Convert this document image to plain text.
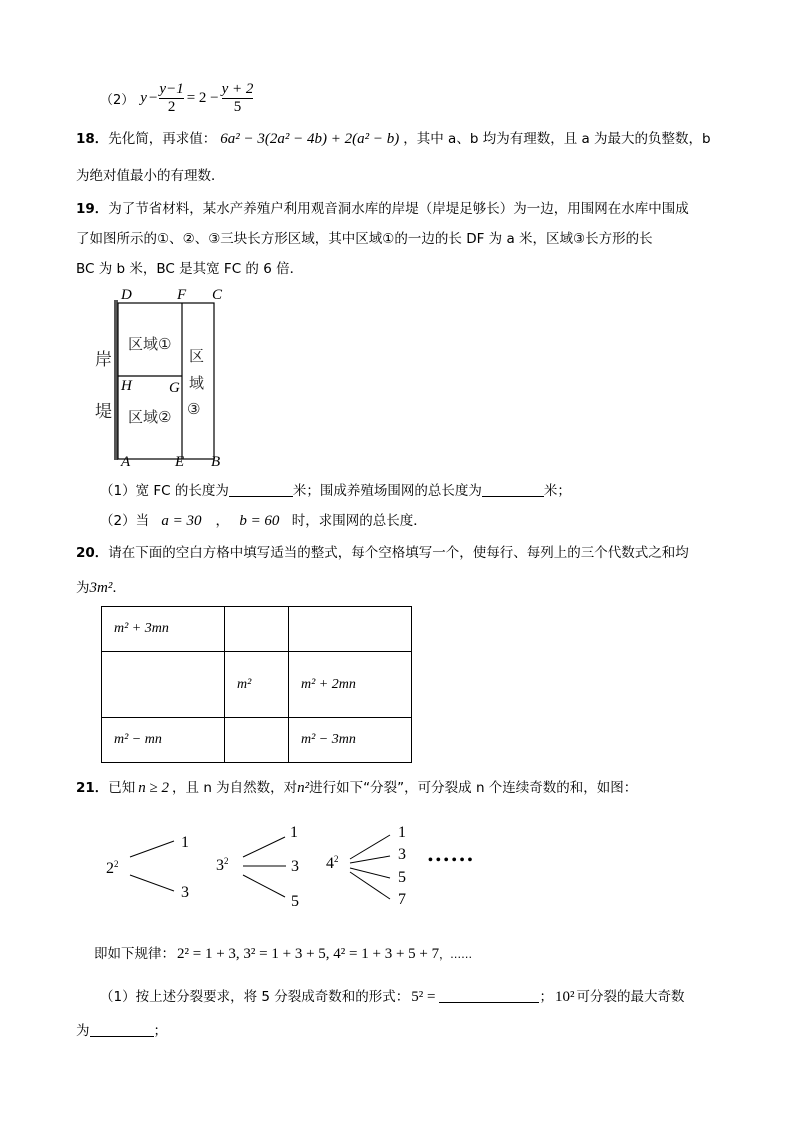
（2） $y - \frac{y-1}{2} = 2 - \frac{y + 2}{5}$
18．先化简，再求值： 6a² − 3(2a² − 4b) + 2(a² − b) ，其中 a、b 均为有理数，且 a 为最大的负整数，b
为绝对值最小的有理数．
19．为了节省材料，某水产养殖户利用观音洞水库的岸堤（岸堤足够长）为一边，用围网在水库中围成
了如图所示的①、②、③三块长方形区域，其中区域①的一边的长 DF 为 a 米，区域③长方形的长
BC 为 b 米，BC 是其宽 FC 的 6 倍．
D	F C
H G
A	E B
岸
堤
区域①
区域②
区
域
③
（1）宽 FC 的长度为	米；围成养殖场围网的总长度为	米；
（2）当 a = 30 ， b = 60 时，求围网的总长度．
20．请在下面的空白方格中填写适当的整式，每个空格填写一个，使每行、每列上的三个代数式之和均
为3m²．
m² + 3mn		
	m²	m² + 2mn
m² − mn		m² − 3mn
21．已知 n ≥ 2 ，且 n 为自然数，对n²进行如下“分裂”，可分裂成 n 个连续奇数的和，如图：
$2^2$
1
3
$3^2$
1
3
5
$4^2$
1
3
5
7
••••••
即如下规律： 2² = 1 + 3, 3² = 1 + 3 + 5, 4² = 1 + 3 + 5 + 7，……
（1）按上述分裂要求，将 5 分裂成奇数和的形式： 5² =	； 10² 可分裂的最大奇数
为	；
